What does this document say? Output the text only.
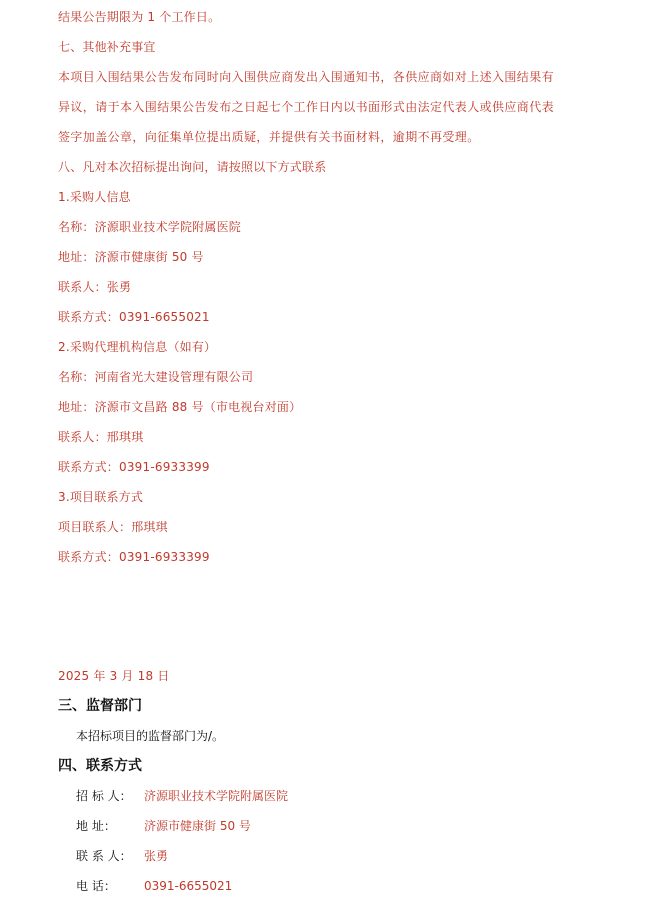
结果公告期限为 1 个工作日。
七、其他补充事宜
本项目入围结果公告发布同时向入围供应商发出入围通知书，各供应商如对上述入围结果有
异议，请于本入围结果公告发布之日起七个工作日内以书面形式由法定代表人或供应商代表
签字加盖公章，向征集单位提出质疑，并提供有关书面材料，逾期不再受理。
八、凡对本次招标提出询问，请按照以下方式联系
1.采购人信息
名称：济源职业技术学院附属医院
地址：济源市健康街 50 号
联系人：张勇
联系方式：0391-6655021
2.采购代理机构信息（如有）
名称：河南省光大建设管理有限公司
地址：济源市文昌路 88 号（市电视台对面）
联系人：邢琪琪
联系方式：0391-6933399
3.项目联系方式
项目联系人：邢琪琪
联系方式：0391-6933399
2025 年 3 月 18 日
三、监督部门
本招标项目的监督部门为/。
四、联系方式
招 标 人： 济源职业技术学院附属医院
地 址： 济源市健康街 50 号
联 系 人： 张勇
电 话： 0391-6655021
